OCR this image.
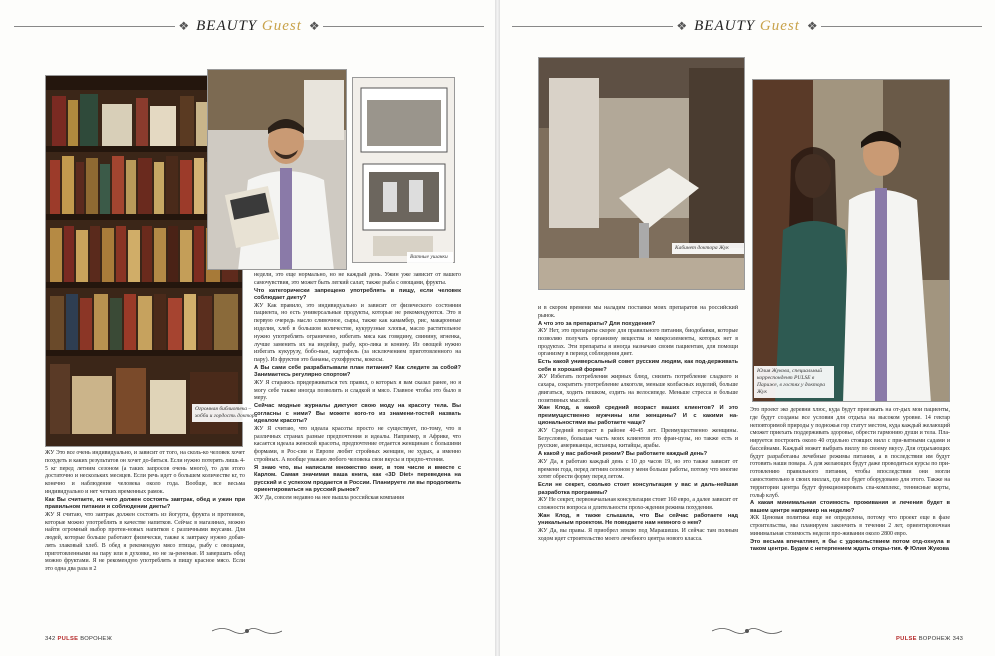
❖ BEAUTY Guest ❖
Огромная библиотека – хобби и гордость доктора
Ватные ушанки

ЖУ Это все очень индивидуально, и зависит от того, на сколь-ко человек хочет похудеть и каких результатов он хочет до-биться. Если нужно потерять лишь 4-5 кг перед летним сезоном (а таких запросов очень много), то для этого достаточно и нескольких месяцев. Если речь идет о большем количестве кг, то конечно и наблюдение человека около года. Вообще, все весьма индивидуально и нет четких временных рамок.

Как Вы считаете, из чего должен состоять завтрак, обед и ужин при правильном питании и соблюдении диеты?

ЖУ Я считаю, что завтрак должен состоять из йогурта, фрукта и протеинов, которые можно употреблять в качестве напитков. Сейчас в магазинах, можно найти огромный выбор протеи-новых напитков с различными вкусами. Для людей, которые больше работают физически, также к завтраку нужно добав-лять злаковый хлеб. В обед я рекомендую мясо птицы, рыбу с овощами, приготовленными на пару или в духовке, но не за-рененые. И завершать обед можно фруктами. Я не рекомендую употреблять в пищу красное мясо. Если это одна два раза в 2

недели, это еще нормально, но не каждый день. Ужин уже зависит от вашего самочувствия, это может быть легкий салат, также рыба с овощами, фрукты.

Что категорически запрещено употреблять в пищу, если человек соблюдает диету?

ЖУ Как правило, это индивидуально и зависит от физического состояния пациента, но есть универсальные продукты, которые не рекомендуются. Это в первую очередь масло сливочное, сыры, также как камамбер, рис, макаронные изделия, хлеб в большом количестве, кукурузные хлопья, масло растительное нужно употреблять ограничено, избегать мяса как говядину, свинину, ягненка, лучше заменить их на индейку, рыбу, кро-лика и конину. Из овощей нужно избегать кукурузу, бобо-вые, картофель (за исключением приготовленного на пару). Из фруктов это бананы, сухофрукты, кокосы.

А Вы сами себе разрабатывали план питания? Как следите за собой? Занимаетесь регулярно спортом?

ЖУ Я стараюсь придерживаться тех правил, о которых я вам сказал ранее, но я могу себе также иногда позволить и сладкой и мясо. Главное чтобы это было в меру.

Сейчас модные журналы диктуют свою моду на красоту тела. Вы согласны с ними? Вы можете кого-то из знамени-тостей назвать идеалом красоты?

ЖУ Я считаю, что идеала красоты просто не существует, по-тому, что в различных странах разные предпочтения и идеалы. Например, в Африке, что касается идеала женской красоты, предпочтение отдается женщинам с большими формами, в Рос-сии и Европе любят стройных женщин, не худых, а именно стройных. А вообще уважаю любого человека свои вкусы и предпо-чтения.

Я знаю что, вы написали множество книг, в том числе и вместе с Карлом. Самая значимая ваша книга, как «3D Diet» переведена на русский и с успехом продается в России. Планируете ли вы продолжить ориентироваться на русский рынок?

ЖУ Да, совсем недавно на нее вышла российская компания

342 PULSE ВОРОНЕЖ
❖ BEAUTY Guest ❖
Кабинет доктора Жук
Юлия Жукова, специальный корреспондент PULSE в Париже, в гостях у доктора Жук

и в скором времени мы наладим поставки моих препаратов на российский рынок.

А что это за препараты? Для похудения?

ЖУ Нет, это препараты скорее для правильного питания, биодобавки, которые позволяю получать организму вещества и микроэлементы, которых нет в продуктах. Эти препараты я иногда назначаю своим пациентам, для помощи организму в период соблюдения диет.

Есть какой универсальный совет русским людям, как под-держивать себя в хорошей форме?

ЖУ Избегать потребления жирных блюд, снизить потребление сладкого и сахара, сократить употребление алкоголя, меньше колбасных изделий, больше двигаться, ходить пешком, ездить на велосипеде. Меньше стресса и больше позитивных мыслей.

Жан Клод, а какой средний возраст ваших клиентов? И это преимущественно мужчины или женщины? И с какими на-циональностями вы работаете чаще?

ЖУ Средний возраст в районе 40-45 лет. Преимущественно женщины. Безусловно, большая часть моих клиентов это фран-цузы, но также есть и русские, американцы, испанцы, китайцы, арабы.

А какой у вас рабочий режим? Вы работаете каждый день?

ЖУ Да, я работаю каждый день с 10 до часов 19, но это также зависит от времени года, перед летним сезоном у меня больше работы, потому что многие хотят обрести форму перед летом.

Если не секрет, сколько стоит консультация у вас и даль-нейшая разработка программы?

ЖУ Не секрет, первоначальная консультация стоит 160 евро, а далее зависит от сложности вопроса и длительности прохо-ждения режима похудения.

Жан Клод, я также слышала, что Вы сейчас работаете над уникальным проектом. Не поведаете нам немного о нем?

ЖУ Да, вы правы. Я приобрел землю под Марашеши. И сейчас там полным ходом идет строительство моего лечебного центра нового класса.

Это проект эко деревни хлюс, куда будут приезжать на от-дых мои пациенты, где будут созданы все условия для отдыха на высоком уровне. 14 гектар неповторимой природы у подножья гор статут местом, куда каждый желающий сможет приехать поддерживать здоровье, обрести гармонию души и тела. Пла-нируется построить около 40 отдельно стоящих вилл с при-ватными садами и бассейнами. Каждый может выбрать виллу по своему вкусу. Для отдыхающих будут разработаны лечебные режимы питания, а в последствии им будут готовить наши повара. А для желающих будут даже проводиться курсы по при-готовлению правильного питания, чтобы впоследствии они могли самостоятельно в своих виллах, где все будет оборудовано для этого. Также на территории центра будут функционировать спа-комплекс, теннисные корты, гольф клуб.

А какая минимальная стоимость проживания и лечения будет в вашем центре например на неделю?

ЖК Ценовая политика еще не определена, потому что проект еще в фазе строительства, мы планируем закончить в течении 2 лет, ориентировочная минимальная стоимость недели про-живания около 2800 евро.

Это весьма впечатляет, я бы с удовольствием потом отд-охнула в таком центре. Будем с нетерпением ждать откры-тия. ✤ Юлия Жукова

PULSE ВОРОНЕЖ 343
